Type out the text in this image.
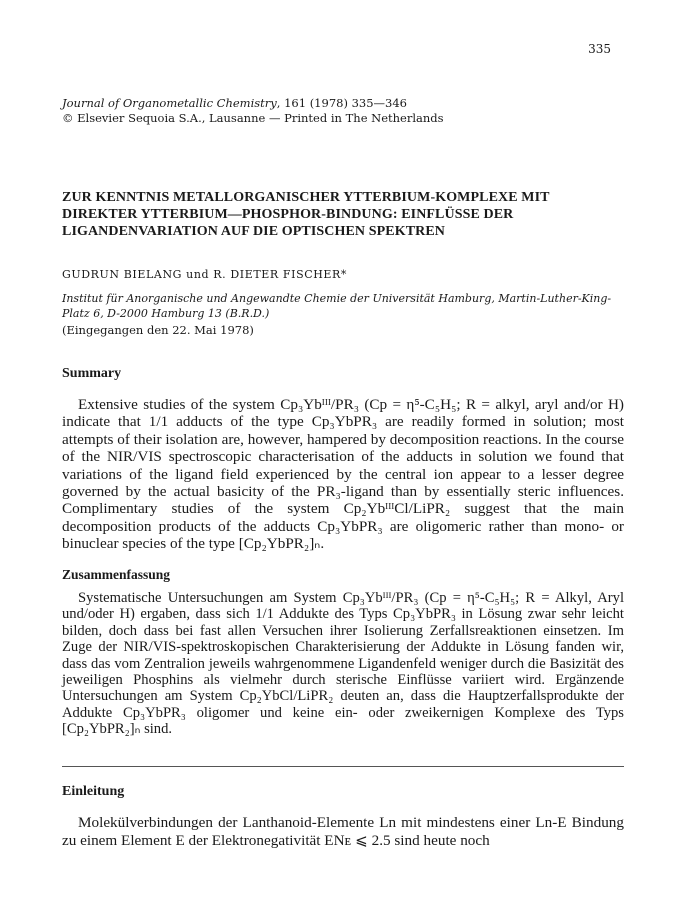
335
Journal of Organometallic Chemistry, 161 (1978) 335—346
© Elsevier Sequoia S.A., Lausanne — Printed in The Netherlands
ZUR KENNTNIS METALLORGANISCHER YTTERBIUM-KOMPLEXE MIT DIREKTER YTTERBIUM—PHOSPHOR-BINDUNG: EINFLÜSSE DER LIGANDENVARIATION AUF DIE OPTISCHEN SPEKTREN
GUDRUN BIELANG und R. DIETER FISCHER*
Institut für Anorganische und Angewandte Chemie der Universität Hamburg, Martin-Luther-King-Platz 6, D-2000 Hamburg 13 (B.R.D.)
(Eingegangen den 22. Mai 1978)
Summary
Extensive studies of the system Cp₃Ybᴵᴵᴵ/PR₃ (Cp = η⁵-C₅H₅; R = alkyl, aryl and/or H) indicate that 1/1 adducts of the type Cp₃YbPR₃ are readily formed in solution; most attempts of their isolation are, however, hampered by decomposition reactions. In the course of the NIR/VIS spectroscopic characterisation of the adducts in solution we found that variations of the ligand field experienced by the central ion appear to a lesser degree governed by the actual basicity of the PR₃-ligand than by essentially steric influences. Complimentary studies of the system Cp₂YbᴵᴵᴵCl/LiPR₂ suggest that the main decomposition products of the adducts Cp₃YbPR₃ are oligomeric rather than mono- or binuclear species of the type [Cp₂YbPR₂]ₙ.
Zusammenfassung
Systematische Untersuchungen am System Cp₃Ybᴵᴵᴵ/PR₃ (Cp = η⁵-C₅H₅; R = Alkyl, Aryl und/oder H) ergaben, dass sich 1/1 Addukte des Typs Cp₃YbPR₃ in Lösung zwar sehr leicht bilden, doch dass bei fast allen Versuchen ihrer Isolierung Zerfallsreaktionen einsetzen. Im Zuge der NIR/VIS-spektroskopischen Charakterisierung der Addukte in Lösung fanden wir, dass das vom Zentralion jeweils wahrgenommene Ligandenfeld weniger durch die Basizität des jeweiligen Phosphins als vielmehr durch sterische Einflüsse variiert wird. Ergänzende Untersuchungen am System Cp₂YbCl/LiPR₂ deuten an, dass die Hauptzerfallsprodukte der Addukte Cp₃YbPR₃ oligomer und keine ein- oder zweikernigen Komplexe des Typs [Cp₂YbPR₂]ₙ sind.
Einleitung
Molekülverbindungen der Lanthanoid-Elemente Ln mit mindestens einer Ln-E Bindung zu einem Element E der Elektronegativität ENᴇ ⩽ 2.5 sind heute noch
